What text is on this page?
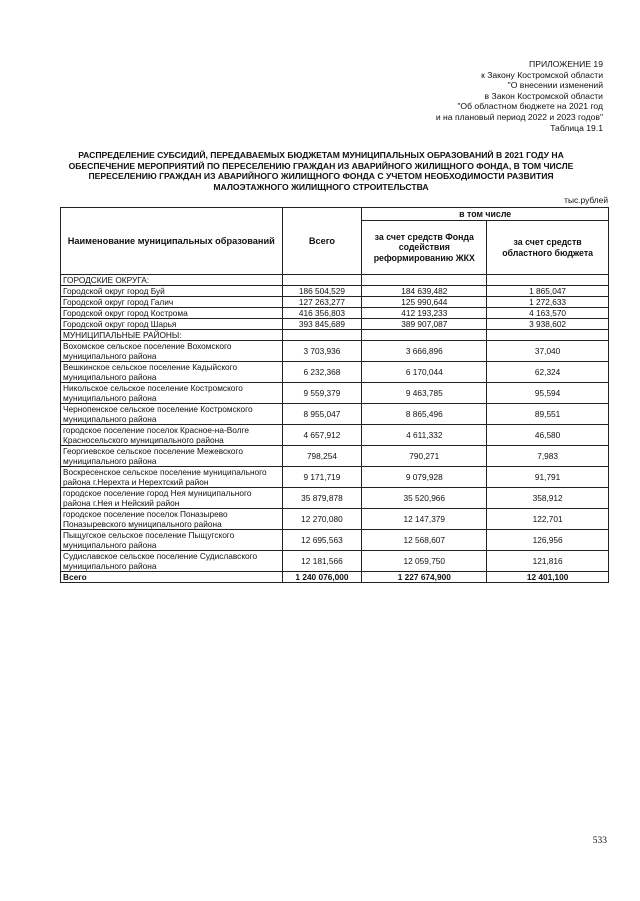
ПРИЛОЖЕНИЕ 19
к Закону Костромской области
"О внесении изменений
в Закон Костромской области
"Об областном бюджете на 2021 год
и на плановый период 2022 и 2023 годов"
Таблица 19.1
РАСПРЕДЕЛЕНИЕ СУБСИДИЙ, ПЕРЕДАВАЕМЫХ БЮДЖЕТАМ МУНИЦИПАЛЬНЫХ ОБРАЗОВАНИЙ В 2021 ГОДУ НА ОБЕСПЕЧЕНИЕ МЕРОПРИЯТИЙ ПО ПЕРЕСЕЛЕНИЮ ГРАЖДАН ИЗ АВАРИЙНОГО ЖИЛИЩНОГО ФОНДА, В ТОМ ЧИСЛЕ ПЕРЕСЕЛЕНИЮ ГРАЖДАН ИЗ АВАРИЙНОГО ЖИЛИЩНОГО ФОНДА С УЧЕТОМ НЕОБХОДИМОСТИ РАЗВИТИЯ МАЛОЭТАЖНОГО ЖИЛИЩНОГО СТРОИТЕЛЬСТВА
тыс.рублей
Наименование муниципальных образований	Всего	в том числе	
		за счет средств Фонда содействия реформированию ЖКХ	за счет средств областного бюджета
ГОРОДСКИЕ ОКРУГА:			
Городской округ город Буй	186 504,529	184 639,482	1 865,047
Городской округ город Галич	127 263,277	125 990,644	1 272,633
Городской округ город Кострома	416 356,803	412 193,233	4 163,570
Городской округ город Шарья	393 845,689	389 907,087	3 938,602
МУНИЦИПАЛЬНЫЕ РАЙОНЫ:			
Вохомское сельское поселение Вохомского муниципального района	3 703,936	3 666,896	37,040
Вешкинское сельское поселение Кадыйского муниципального района	6 232,368	6 170,044	62,324
Никольское сельское поселение Костромского муниципального района	9 559,379	9 463,785	95,594
Чернопенское сельское поселение Костромского муниципального района	8 955,047	8 865,496	89,551
городское поселение поселок Красное-на-Волге Красносельского муниципального района	4 657,912	4 611,332	46,580
Георгиевское сельское поселение Межевского муниципального района	798,254	790,271	7,983
Воскресенское сельское поселение муниципального района г.Нерехта и Нерехтский район	9 171,719	9 079,928	91,791
городское поселение город Нея муниципального района г.Нея и Нейский район	35 879,878	35 520,966	358,912
городское поселение поселок Поназырево Поназыревского муниципального района	12 270,080	12 147,379	122,701
Пыщугское сельское поселение Пыщугского муниципального района	12 695,563	12 568,607	126,956
Судиславское сельское поселение Судиславского муниципального района	12 181,566	12 059,750	121,816
Всего	1 240 076,000	1 227 674,900	12 401,100
533
